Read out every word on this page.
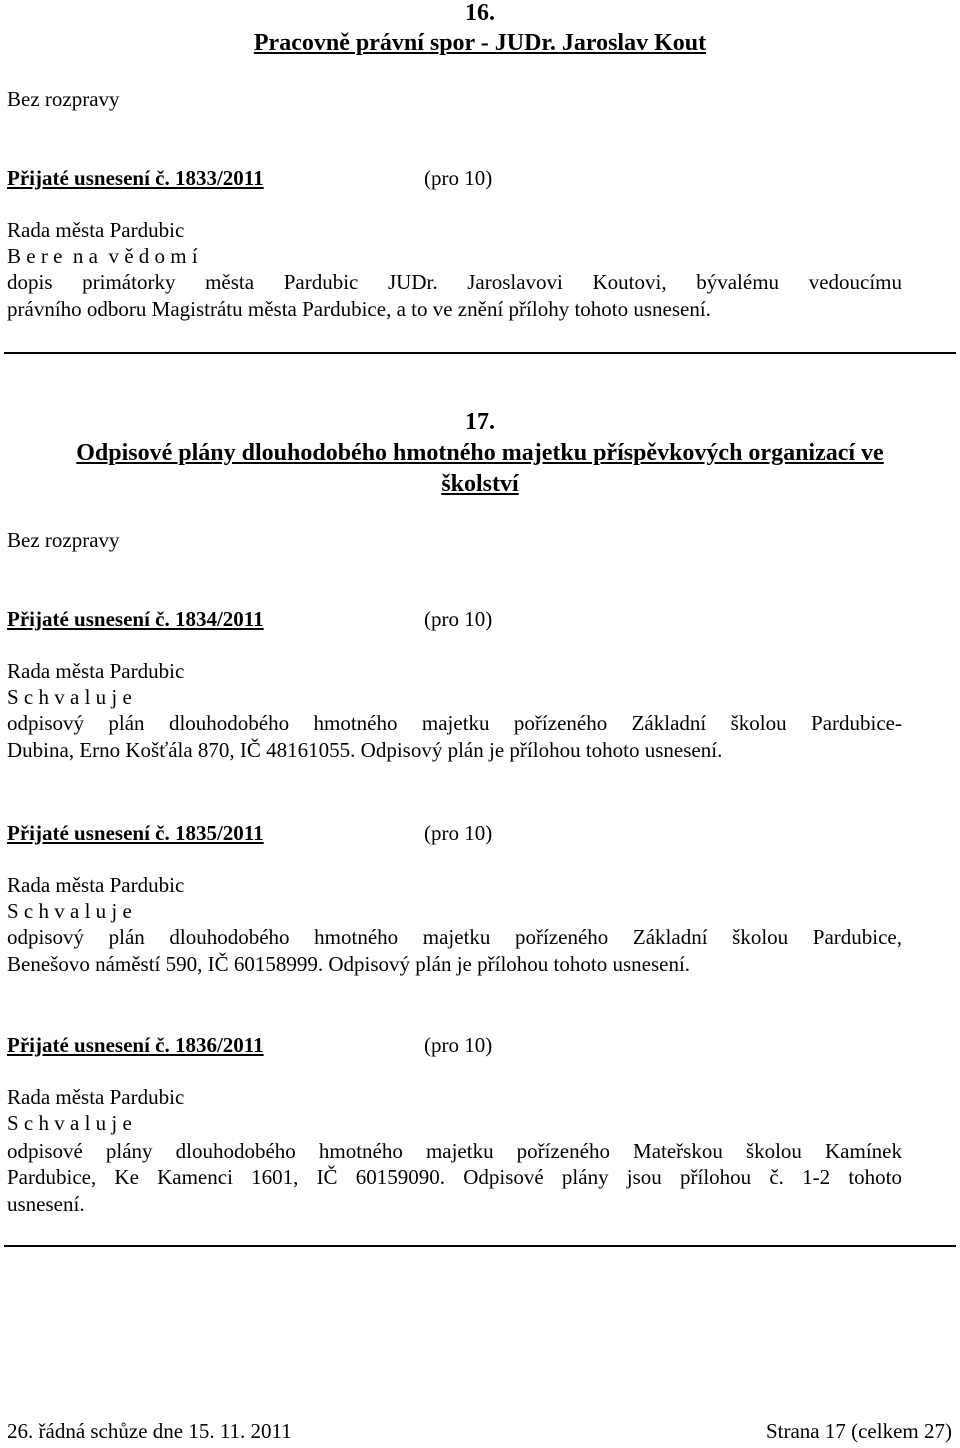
16.
Pracovně právní spor - JUDr. Jaroslav Kout
Bez rozpravy
Přijaté usnesení č. 1833/2011	(pro 10)
Rada města Pardubic
B e r e  n a  v ě d o m í
dopis primátorky města Pardubic JUDr. Jaroslavovi Koutovi, bývalému vedoucímu
právního odboru Magistrátu města Pardubice, a to ve znění přílohy tohoto usnesení.
17.
Odpisové plány dlouhodobého hmotného majetku příspěvkových organizací ve
školství
Bez rozpravy
Přijaté usnesení č. 1834/2011	(pro 10)
Rada města Pardubic
S c h v a l u j e
odpisový plán dlouhodobého hmotného majetku pořízeného Základní školou Pardubice-
Dubina, Erno Košťála 870, IČ 48161055. Odpisový plán je přílohou tohoto usnesení.
Přijaté usnesení č. 1835/2011	(pro 10)
Rada města Pardubic
S c h v a l u j e
odpisový plán dlouhodobého hmotného majetku pořízeného Základní školou Pardubice,
Benešovo náměstí 590, IČ 60158999. Odpisový plán je přílohou tohoto usnesení.
Přijaté usnesení č. 1836/2011	(pro 10)
Rada města Pardubic
S c h v a l u j e
odpisové plány dlouhodobého hmotného majetku pořízeného Mateřskou školou Kamínek
Pardubice, Ke Kamenci 1601, IČ 60159090. Odpisové plány jsou přílohou č. 1-2 tohoto
usnesení.
26. řádná schůze dne 15. 11. 2011	Strana 17 (celkem 27)
